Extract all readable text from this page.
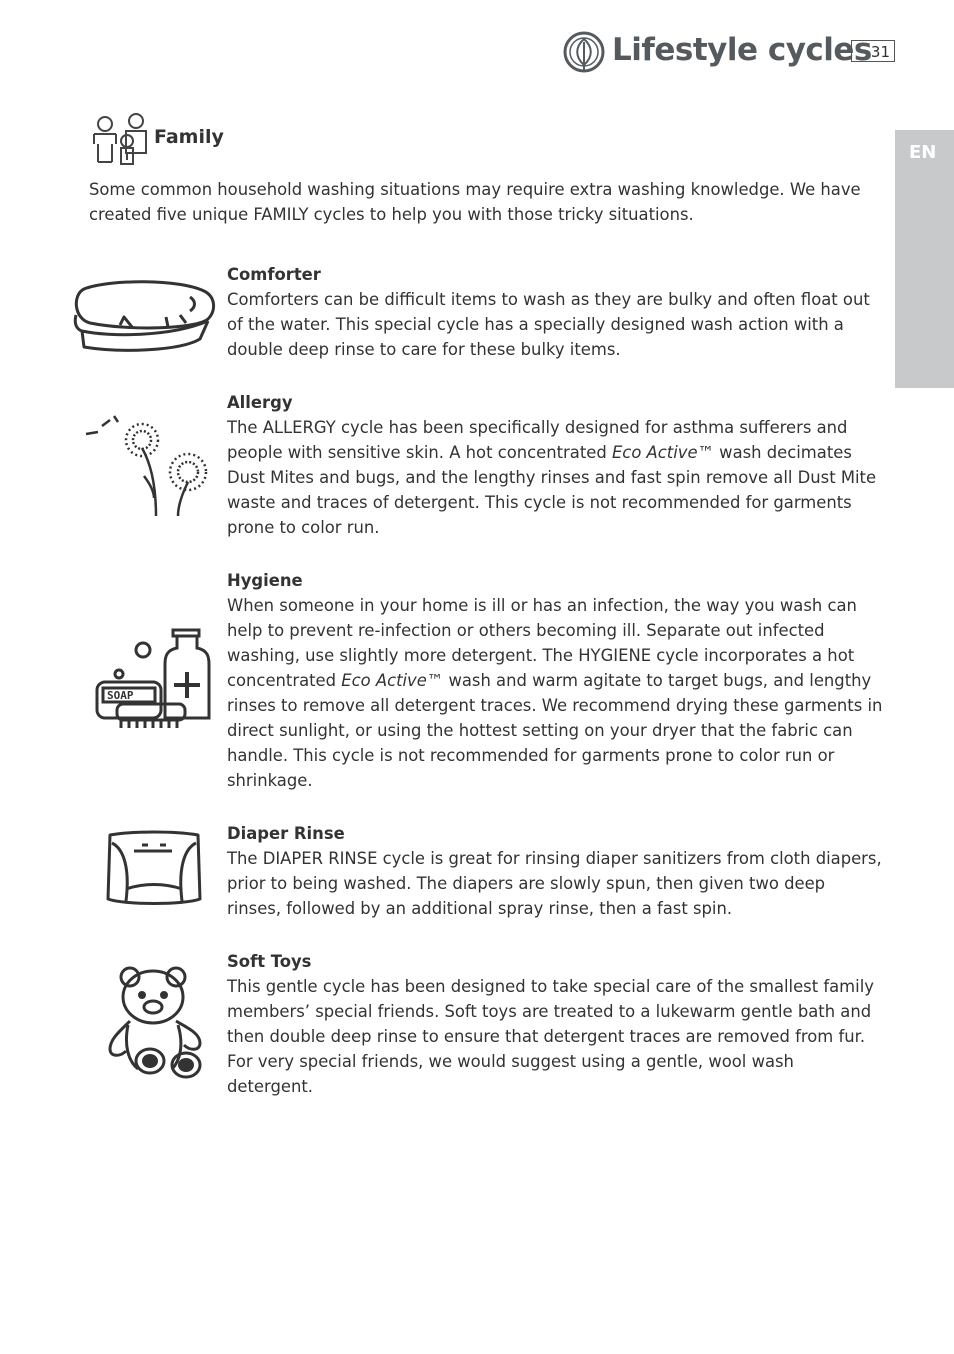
Lifestyle cycles 31
EN
Family
Some common household washing situations may require extra washing knowledge. We have created five unique FAMILY cycles to help you with those tricky situations.
Comforter
Comforters can be difficult items to wash as they are bulky and often float out of the water. This special cycle has a specially designed wash action with a double deep rinse to care for these bulky items.
Allergy
The ALLERGY cycle has been specifically designed for asthma sufferers and people with sensitive skin. A hot concentrated Eco Active™ wash decimates Dust Mites and bugs, and the lengthy rinses and fast spin remove all Dust Mite waste and traces of detergent. This cycle is not recommended for garments prone to color run.
SOAP
Hygiene
When someone in your home is ill or has an infection, the way you wash can help to prevent re-infection or others becoming ill. Separate out infected washing, use slightly more detergent. The HYGIENE cycle incorporates a hot concentrated Eco Active™ wash and warm agitate to target bugs, and lengthy rinses to remove all detergent traces. We recommend drying these garments in direct sunlight, or using the hottest setting on your dryer that the fabric can handle. This cycle is not recommended for garments prone to color run or shrinkage.
Diaper Rinse
The DIAPER RINSE cycle is great for rinsing diaper sanitizers from cloth diapers, prior to being washed. The diapers are slowly spun, then given two deep rinses, followed by an additional spray rinse, then a fast spin.
Soft Toys
This gentle cycle has been designed to take special care of the smallest family members’ special friends. Soft toys are treated to a lukewarm gentle bath and then double deep rinse to ensure that detergent traces are removed from fur. For very special friends, we would suggest using a gentle, wool wash detergent.
